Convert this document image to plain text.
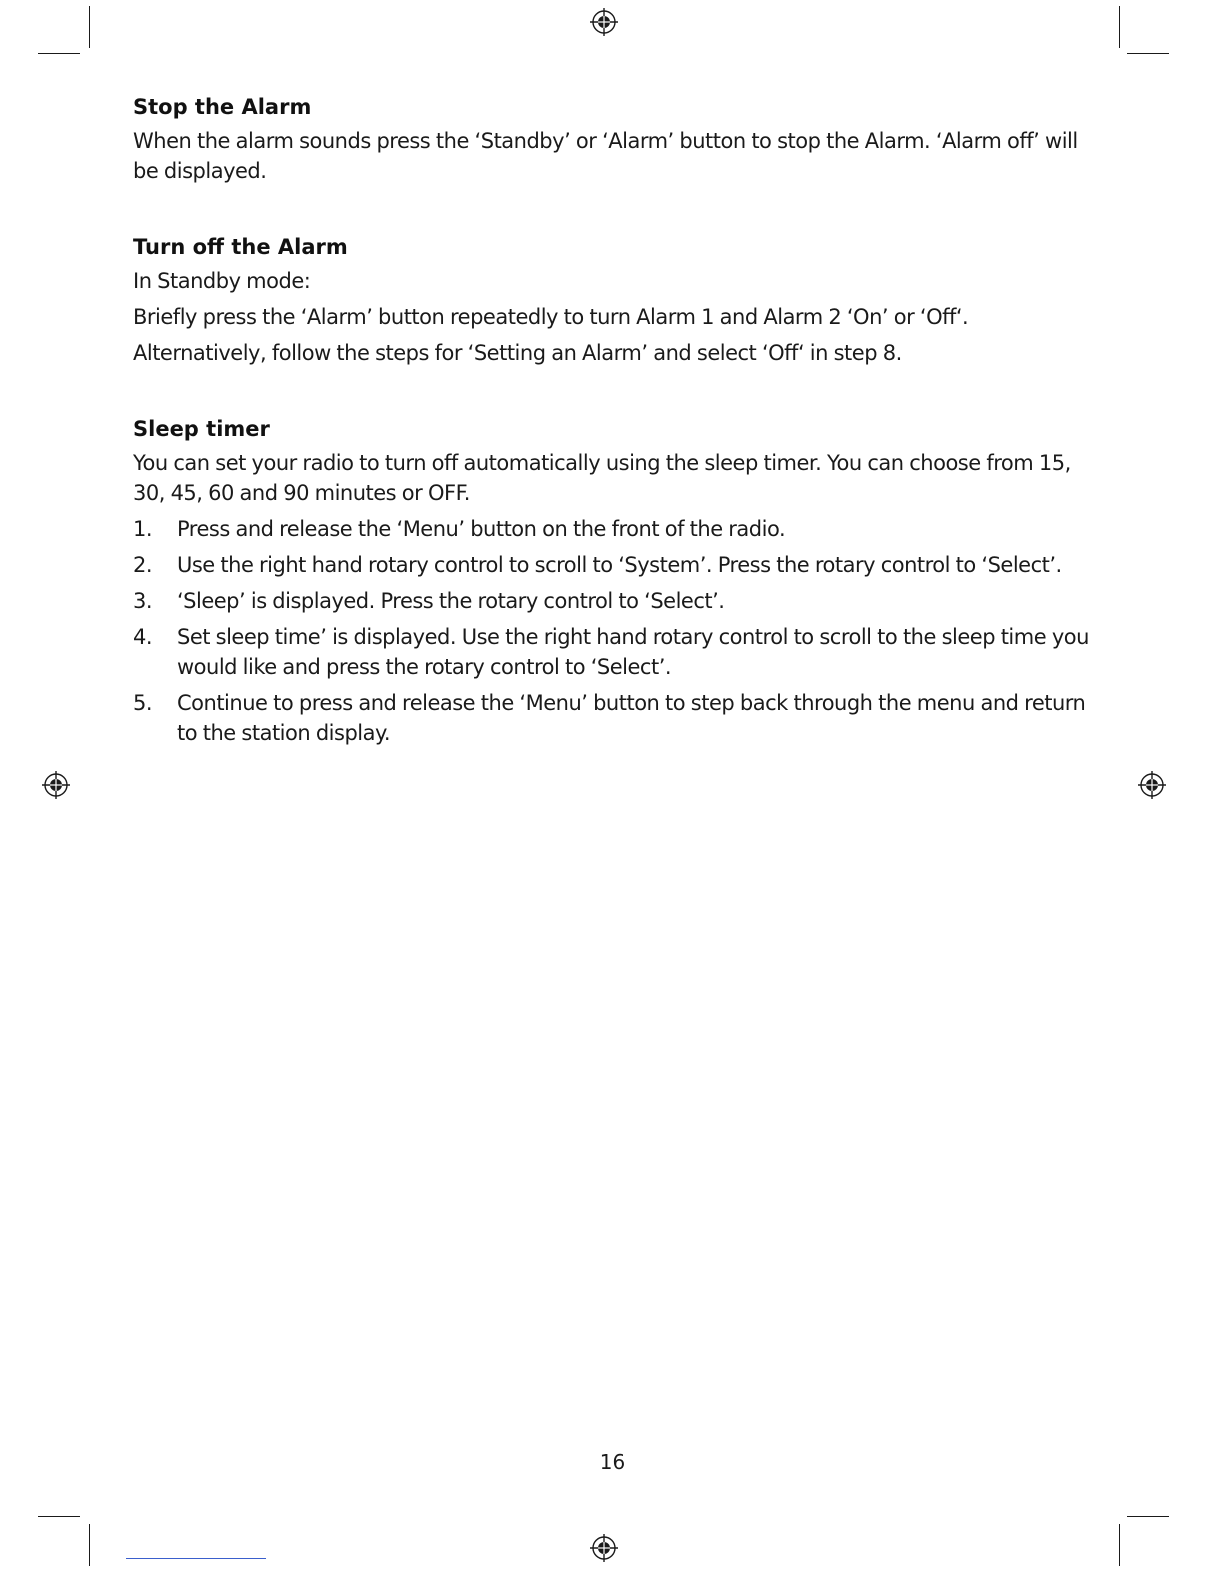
Stop the Alarm

When the alarm sounds press the ‘Standby’ or ‘Alarm’ button to stop the Alarm. ‘Alarm off’ will be displayed.

Turn off the Alarm

In Standby mode:

Briefly press the ‘Alarm’ button repeatedly to turn Alarm 1 and Alarm 2 ‘On’ or ‘Off‘.

Alternatively, follow the steps for ‘Setting an Alarm’ and select ‘Off‘ in step 8.

Sleep timer

You can set your radio to turn off automatically using the sleep timer. You can choose from 15, 30, 45, 60 and 90 minutes or OFF.

1. Press and release the ‘Menu’ button on the front of the radio.
2. Use the right hand rotary control to scroll to ‘System’. Press the rotary control to ‘Select’.
3. ‘Sleep’ is displayed. Press the rotary control to ‘Select’.
4. Set sleep time’ is displayed. Use the right hand rotary control to scroll to the sleep time you would like and press the rotary control to ‘Select’.
5. Continue to press and release the ‘Menu’ button to step back through the menu and return to the station display.
16
